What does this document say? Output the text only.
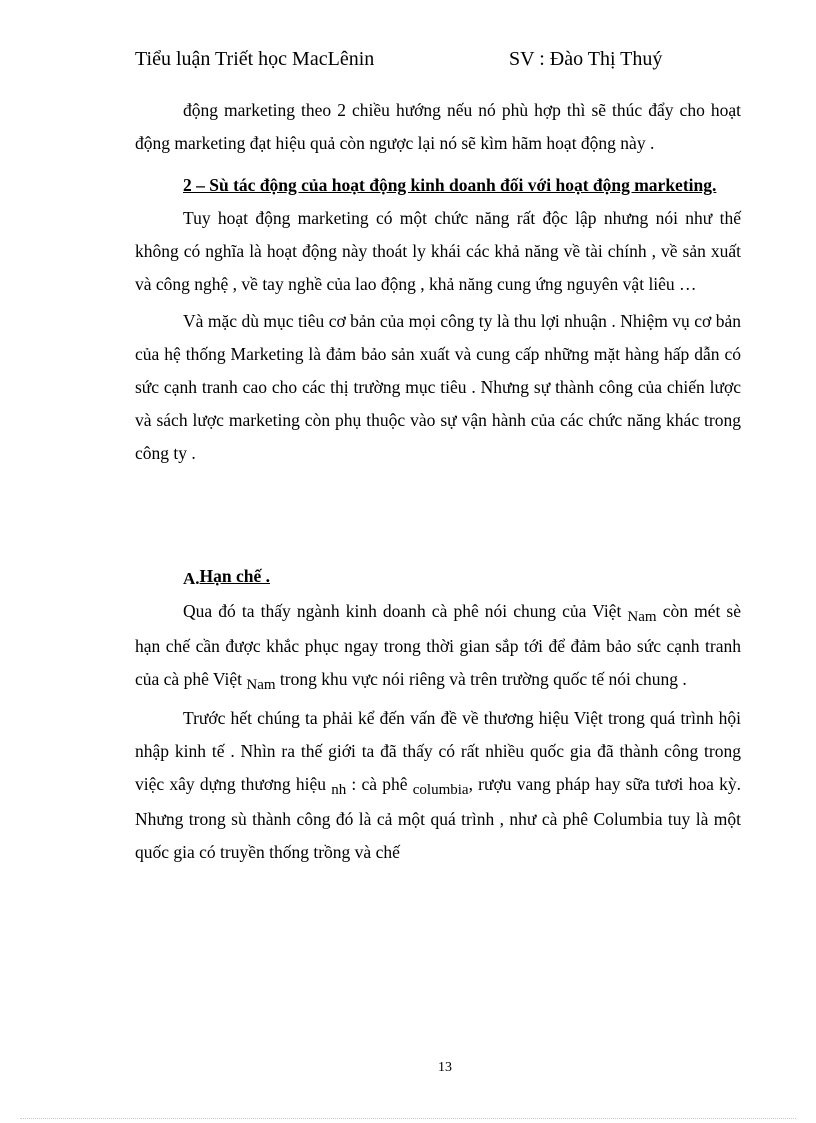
Tiểu luận Triết học MacLênin	SV : Đào Thị Thuý

động marketing theo 2 chiều hướng nếu nó phù hợp thì sẽ thúc đẩy cho hoạt động marketing đạt hiệu quả còn ngược lại nó sẽ kìm hãm hoạt động này .

2 – Sù tác động của hoạt động kinh doanh đối với hoạt động marketing.

Tuy hoạt động marketing có một chức năng rất độc lập nhưng nói như thế không có nghĩa là hoạt động này thoát ly khái các khả năng về tài chính , về sản xuất và công nghệ , về tay nghề của lao động , khả năng cung ứng nguyên vật liêu …

Và mặc dù mục tiêu cơ bản của mọi công ty là thu lợi nhuận . Nhiệm vụ cơ bản của hệ thống Marketing là đảm bảo sản xuất và cung cấp những mặt hàng hấp dẫn có sức cạnh tranh cao cho các thị trường mục tiêu . Nhưng sự thành công của chiến lược và sách lược marketing còn phụ thuộc vào sự vận hành của các chức năng khác trong công ty .

A.Hạn chế .

Qua đó ta thấy ngành kinh doanh cà phê nói chung của Việt Nam còn mét sè hạn chế cần được khắc phục ngay trong thời gian sắp tới để đảm bảo sức cạnh tranh của cà phê Việt Nam trong khu vực nói riêng và trên trường quốc tế nói chung .

Trước hết chúng ta phải kể đến vấn đề về thương hiệu Việt trong quá trình hội nhập kinh tế . Nhìn ra thế giới ta đã thấy có rất nhiều quốc gia đã thành công trong việc xây dựng thương hiệu nh : cà phê columbia, rượu vang pháp hay sữa tươi hoa kỳ. Nhưng trong sù thành công đó là cả một quá trình , như cà phê Columbia tuy là một quốc gia có truyền thống trồng và chế

13
